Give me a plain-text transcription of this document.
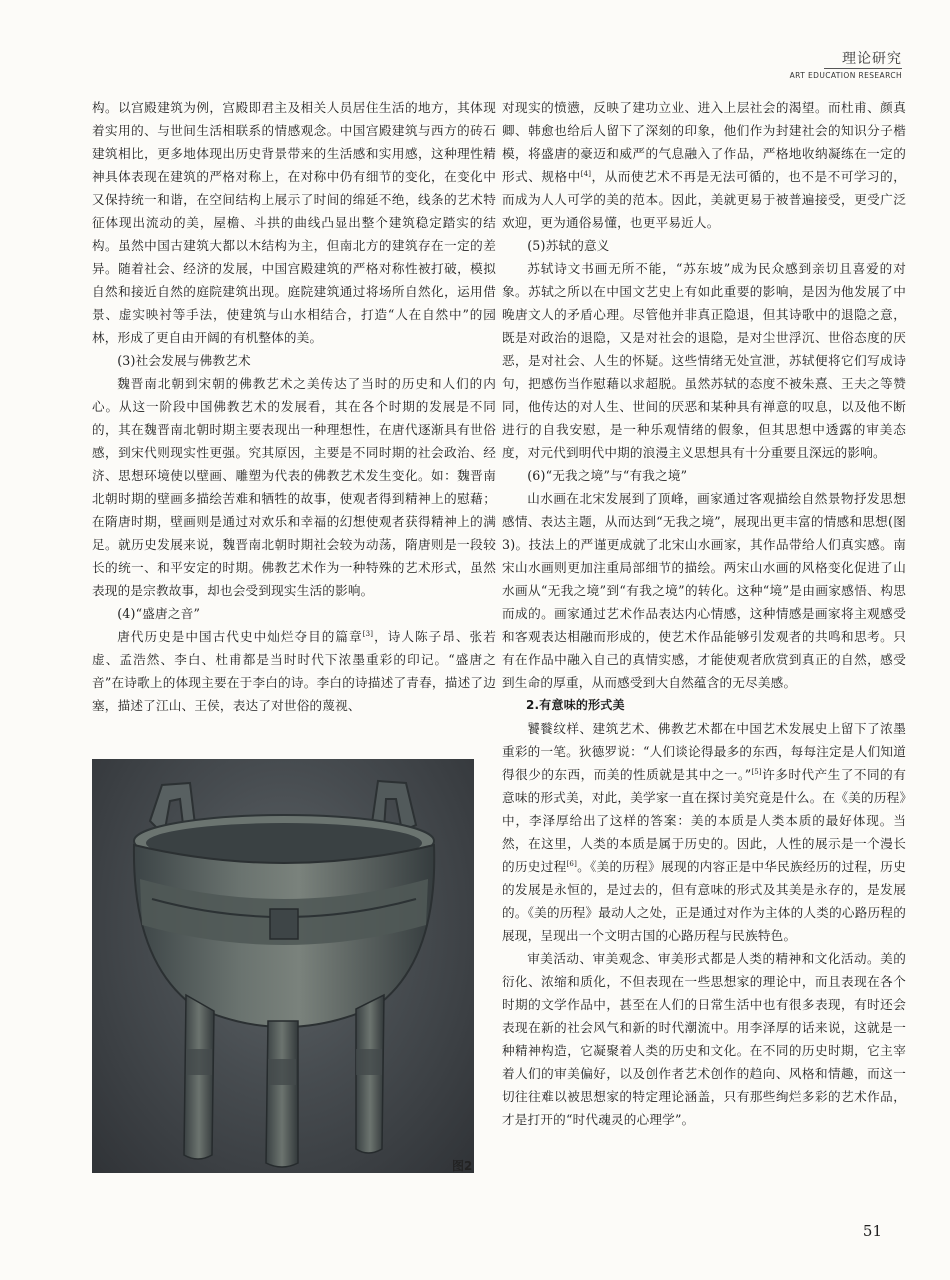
理论研究
ART EDUCATION RESEARCH

构。以宫殿建筑为例，宫殿即君主及相关人员居住生活的地方，其体现着实用的、与世间生活相联系的情感观念。中国宫殿建筑与西方的砖石建筑相比，更多地体现出历史背景带来的生活感和实用感，这种理性精神具体表现在建筑的严格对称上，在对称中仍有细节的变化，在变化中又保持统一和谐，在空间结构上展示了时间的绵延不绝，线条的艺术特征体现出流动的美，屋檐、斗拱的曲线凸显出整个建筑稳定踏实的结构。虽然中国古建筑大都以木结构为主，但南北方的建筑存在一定的差异。随着社会、经济的发展，中国宫殿建筑的严格对称性被打破，模拟自然和接近自然的庭院建筑出现。庭院建筑通过将场所自然化，运用借景、虚实映衬等手法，使建筑与山水相结合，打造“人在自然中”的园林，形成了更自由开阔的有机整体的美。

(3)社会发展与佛教艺术

魏晋南北朝到宋朝的佛教艺术之美传达了当时的历史和人们的内心。从这一阶段中国佛教艺术的发展看，其在各个时期的发展是不同的，其在魏晋南北朝时期主要表现出一种理想性，在唐代逐渐具有世俗感，到宋代则现实性更强。究其原因，主要是不同时期的社会政治、经济、思想环境使以壁画、雕塑为代表的佛教艺术发生变化。如：魏晋南北朝时期的壁画多描绘苦难和牺牲的故事，使观者得到精神上的慰藉；在隋唐时期，壁画则是通过对欢乐和幸福的幻想使观者获得精神上的满足。就历史发展来说，魏晋南北朝时期社会较为动荡，隋唐则是一段较长的统一、和平安定的时期。佛教艺术作为一种特殊的艺术形式，虽然表现的是宗教故事，却也会受到现实生活的影响。

(4)“盛唐之音”

唐代历史是中国古代史中灿烂夺目的篇章[3]，诗人陈子昂、张若虚、孟浩然、李白、杜甫都是当时时代下浓墨重彩的印记。“盛唐之音”在诗歌上的体现主要在于李白的诗。李白的诗描述了青春，描述了边塞，描述了江山、王侯，表达了对世俗的蔑视、

对现实的愤懑，反映了建功立业、进入上层社会的渴望。而杜甫、颜真卿、韩愈也给后人留下了深刻的印象，他们作为封建社会的知识分子楷模，将盛唐的豪迈和威严的气息融入了作品，严格地收纳凝练在一定的形式、规格中[4]，从而使艺术不再是无法可循的，也不是不可学习的，而成为人人可学的美的范本。因此，美就更易于被普遍接受，更受广泛欢迎，更为通俗易懂，也更平易近人。

(5)苏轼的意义

苏轼诗文书画无所不能，“苏东坡”成为民众感到亲切且喜爱的对象。苏轼之所以在中国文艺史上有如此重要的影响，是因为他发展了中晚唐文人的矛盾心理。尽管他并非真正隐退，但其诗歌中的退隐之意，既是对政治的退隐，又是对社会的退隐，是对尘世浮沉、世俗态度的厌恶，是对社会、人生的怀疑。这些情绪无处宣泄，苏轼便将它们写成诗句，把感伤当作慰藉以求超脱。虽然苏轼的态度不被朱熹、王夫之等赞同，他传达的对人生、世间的厌恶和某种具有禅意的叹息，以及他不断进行的自我安慰，是一种乐观情绪的假象，但其思想中透露的审美态度，对元代到明代中期的浪漫主义思想具有十分重要且深远的影响。

(6)“无我之境”与“有我之境”

山水画在北宋发展到了顶峰，画家通过客观描绘自然景物抒发思想感情、表达主题，从而达到“无我之境”，展现出更丰富的情感和思想(图3)。技法上的严谨更成就了北宋山水画家，其作品带给人们真实感。南宋山水画则更加注重局部细节的描绘。两宋山水画的风格变化促进了山水画从“无我之境”到“有我之境”的转化。这种“境”是由画家感悟、构思而成的。画家通过艺术作品表达内心情感，这种情感是画家将主观感受和客观表达相融而形成的，使艺术作品能够引发观者的共鸣和思考。只有在作品中融入自己的真情实感，才能使观者欣赏到真正的自然，感受到生命的厚重，从而感受到大自然蕴含的无尽美感。

2.有意味的形式美

饕餮纹样、建筑艺术、佛教艺术都在中国艺术发展史上留下了浓墨重彩的一笔。狄德罗说：“人们谈论得最多的东西，每每注定是人们知道得很少的东西，而美的性质就是其中之一。”[5]许多时代产生了不同的有意味的形式美，对此，美学家一直在探讨美究竟是什么。在《美的历程》中，李泽厚给出了这样的答案：美的本质是人类本质的最好体现。当然，在这里，人类的本质是属于历史的。因此，人性的展示是一个漫长的历史过程[6]。《美的历程》展现的内容正是中华民族经历的过程，历史的发展是永恒的，是过去的，但有意味的形式及其美是永存的，是发展的。《美的历程》最动人之处，正是通过对作为主体的人类的心路历程的展现，呈现出一个文明古国的心路历程与民族特色。

审美活动、审美观念、审美形式都是人类的精神和文化活动。美的衍化、浓缩和质化，不但表现在一些思想家的理论中，而且表现在各个时期的文学作品中，甚至在人们的日常生活中也有很多表现，有时还会表现在新的社会风气和新的时代潮流中。用李泽厚的话来说，这就是一种精神构造，它凝聚着人类的历史和文化。在不同的历史时期，它主宰着人们的审美偏好，以及创作者艺术创作的趋向、风格和情趣，而这一切往往难以被思想家的特定理论涵盖，只有那些绚烂多彩的艺术作品，才是打开的“时代魂灵的心理学”。

图2
51
